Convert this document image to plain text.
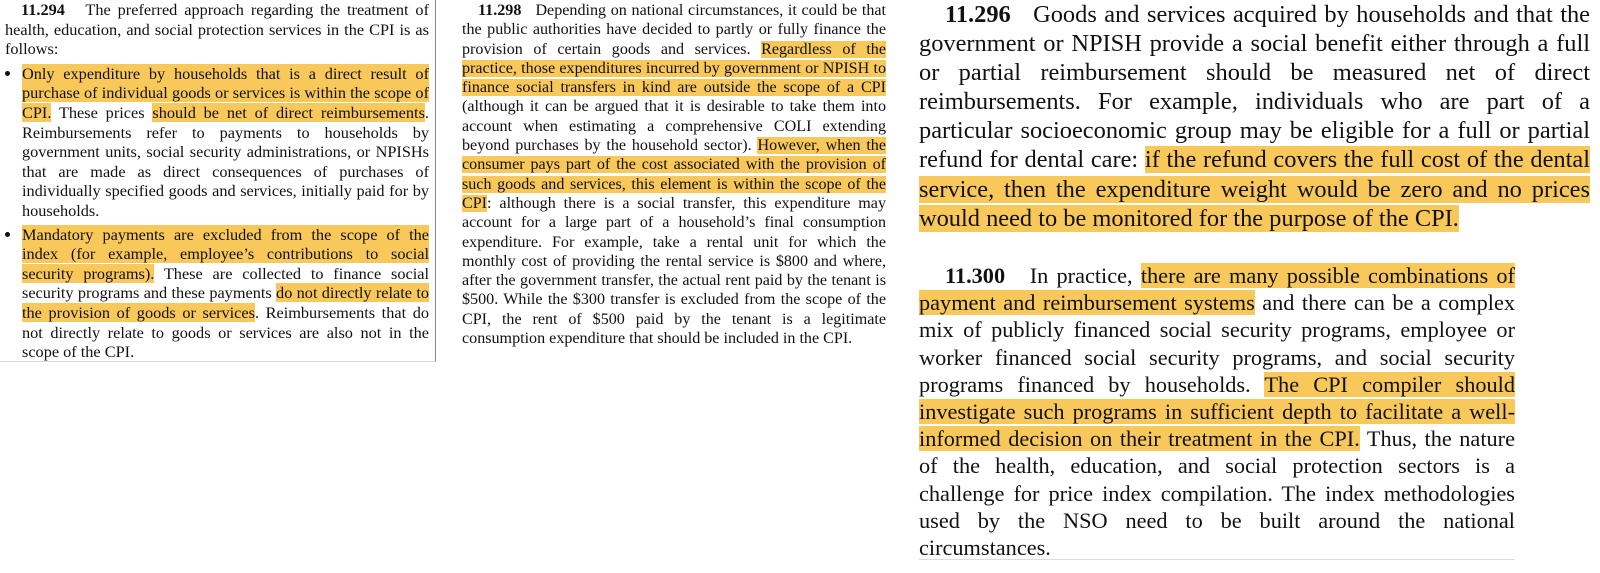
11.294 The preferred approach regarding the treatment of health, education, and social protection services in the CPI is as follows:

• Only expenditure by households that is a direct result of purchase of individual goods or services is within the scope of CPI. These prices should be net of direct reimbursements. Reimbursements refer to payments to households by government units, social security administrations, or NPISHs that are made as direct consequences of purchases of individually specified goods and services, initially paid for by households.
• Mandatory payments are excluded from the scope of the index (for example, employee’s contributions to social security programs). These are collected to finance social security programs and these payments do not directly relate to the provision of goods or services. Reimbursements that do not directly relate to goods or services are also not in the scope of the CPI.

11.298 Depending on national circumstances, it could be that the public authorities have decided to partly or fully finance the provision of certain goods and services. Regardless of the practice, those expenditures incurred by government or NPISH to finance social transfers in kind are outside the scope of a CPI (although it can be argued that it is desirable to take them into account when estimating a comprehensive COLI extending beyond purchases by the household sector). However, when the consumer pays part of the cost associated with the provision of such goods and services, this element is within the scope of the CPI: although there is a social transfer, this expenditure may account for a large part of a household’s final consumption expenditure. For example, take a rental unit for which the monthly cost of providing the rental service is $800 and where, after the government transfer, the actual rent paid by the tenant is $500. While the $300 transfer is excluded from the scope of the CPI, the rent of $500 paid by the tenant is a legitimate consumption expenditure that should be included in the CPI.

11.296 Goods and services acquired by households and that the government or NPISH provide a social benefit either through a full or partial reimbursement should be measured net of direct reimbursements. For example, individuals who are part of a particular socioeconomic group may be eligible for a full or partial refund for dental care: if the refund covers the full cost of the dental service, then the expenditure weight would be zero and no prices would need to be monitored for the purpose of the CPI.

11.300 In practice, there are many possible combinations of payment and reimbursement systems and there can be a complex mix of publicly financed social security programs, employee or worker financed social security programs, and social security programs financed by households. The CPI compiler should investigate such programs in sufficient depth to facilitate a well-informed decision on their treatment in the CPI. Thus, the nature of the health, education, and social protection sectors is a challenge for price index compilation. The index methodologies used by the NSO need to be built around the national circumstances.
